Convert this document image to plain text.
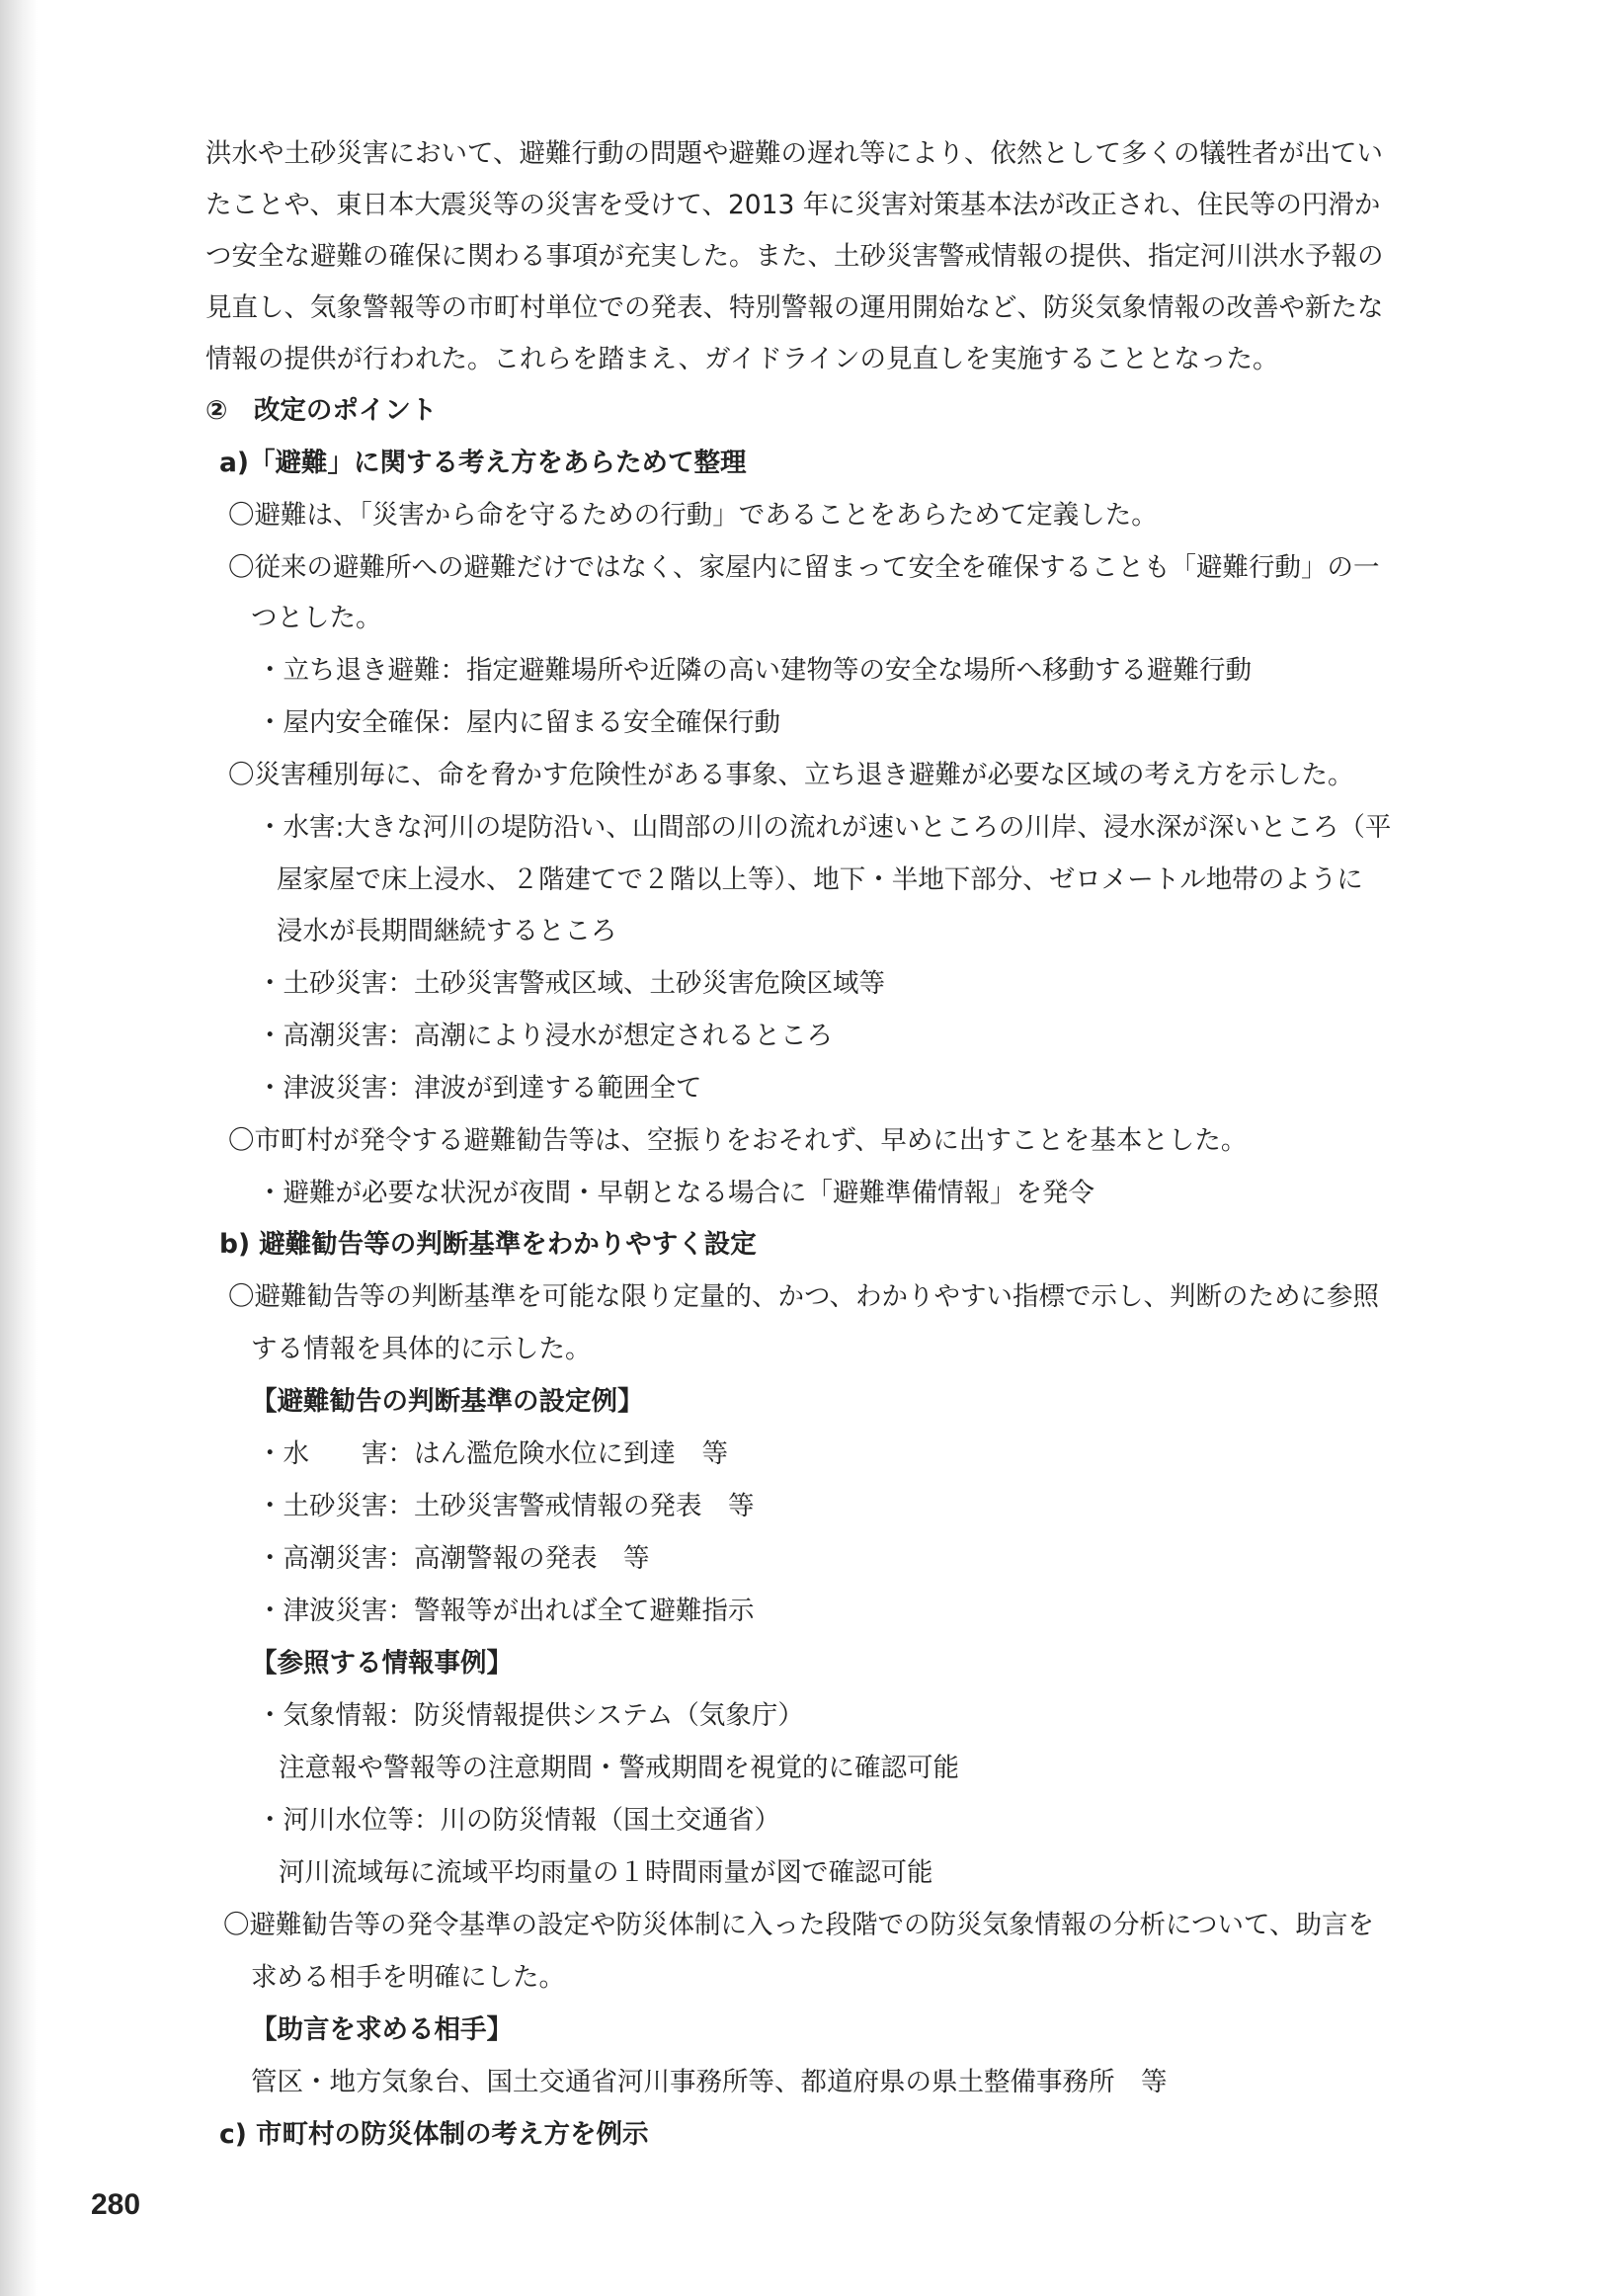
洪水や土砂災害において、避難行動の問題や避難の遅れ等により、依然として多くの犠牲者が出てい
たことや、東日本大震災等の災害を受けて、2013 年に災害対策基本法が改正され、住民等の円滑か
つ安全な避難の確保に関わる事項が充実した。また、土砂災害警戒情報の提供、指定河川洪水予報の
見直し、気象警報等の市町村単位での発表、特別警報の運用開始など、防災気象情報の改善や新たな
情報の提供が行われた。これらを踏まえ、ガイドラインの見直しを実施することとなった。
②　改定のポイント
a)「避難」に関する考え方をあらためて整理
〇避難は、「災害から命を守るための行動」であることをあらためて定義した。
〇従来の避難所への避難だけではなく、家屋内に留まって安全を確保することも「避難行動」の一
つとした。
・立ち退き避難：指定避難場所や近隣の高い建物等の安全な場所へ移動する避難行動
・屋内安全確保：屋内に留まる安全確保行動
〇災害種別毎に、命を脅かす危険性がある事象、立ち退き避難が必要な区域の考え方を示した。
・水害:大きな河川の堤防沿い、山間部の川の流れが速いところの川岸、浸水深が深いところ（平
屋家屋で床上浸水、２階建てで２階以上等）、地下・半地下部分、ゼロメートル地帯のように
浸水が長期間継続するところ
・土砂災害：土砂災害警戒区域、土砂災害危険区域等
・高潮災害：高潮により浸水が想定されるところ
・津波災害：津波が到達する範囲全て
〇市町村が発令する避難勧告等は、空振りをおそれず、早めに出すことを基本とした。
・避難が必要な状況が夜間・早朝となる場合に「避難準備情報」を発令
b) 避難勧告等の判断基準をわかりやすく設定
〇避難勧告等の判断基準を可能な限り定量的、かつ、わかりやすい指標で示し、判断のために参照
する情報を具体的に示した。
【避難勧告の判断基準の設定例】
・水　　害：はん濫危険水位に到達　等
・土砂災害：土砂災害警戒情報の発表　等
・高潮災害：高潮警報の発表　等
・津波災害：警報等が出れば全て避難指示
【参照する情報事例】
・気象情報：防災情報提供システム（気象庁）
注意報や警報等の注意期間・警戒期間を視覚的に確認可能
・河川水位等：川の防災情報（国土交通省）
河川流域毎に流域平均雨量の１時間雨量が図で確認可能
〇避難勧告等の発令基準の設定や防災体制に入った段階での防災気象情報の分析について、助言を
求める相手を明確にした。
【助言を求める相手】
管区・地方気象台、国土交通省河川事務所等、都道府県の県土整備事務所　等
c) 市町村の防災体制の考え方を例示
280
